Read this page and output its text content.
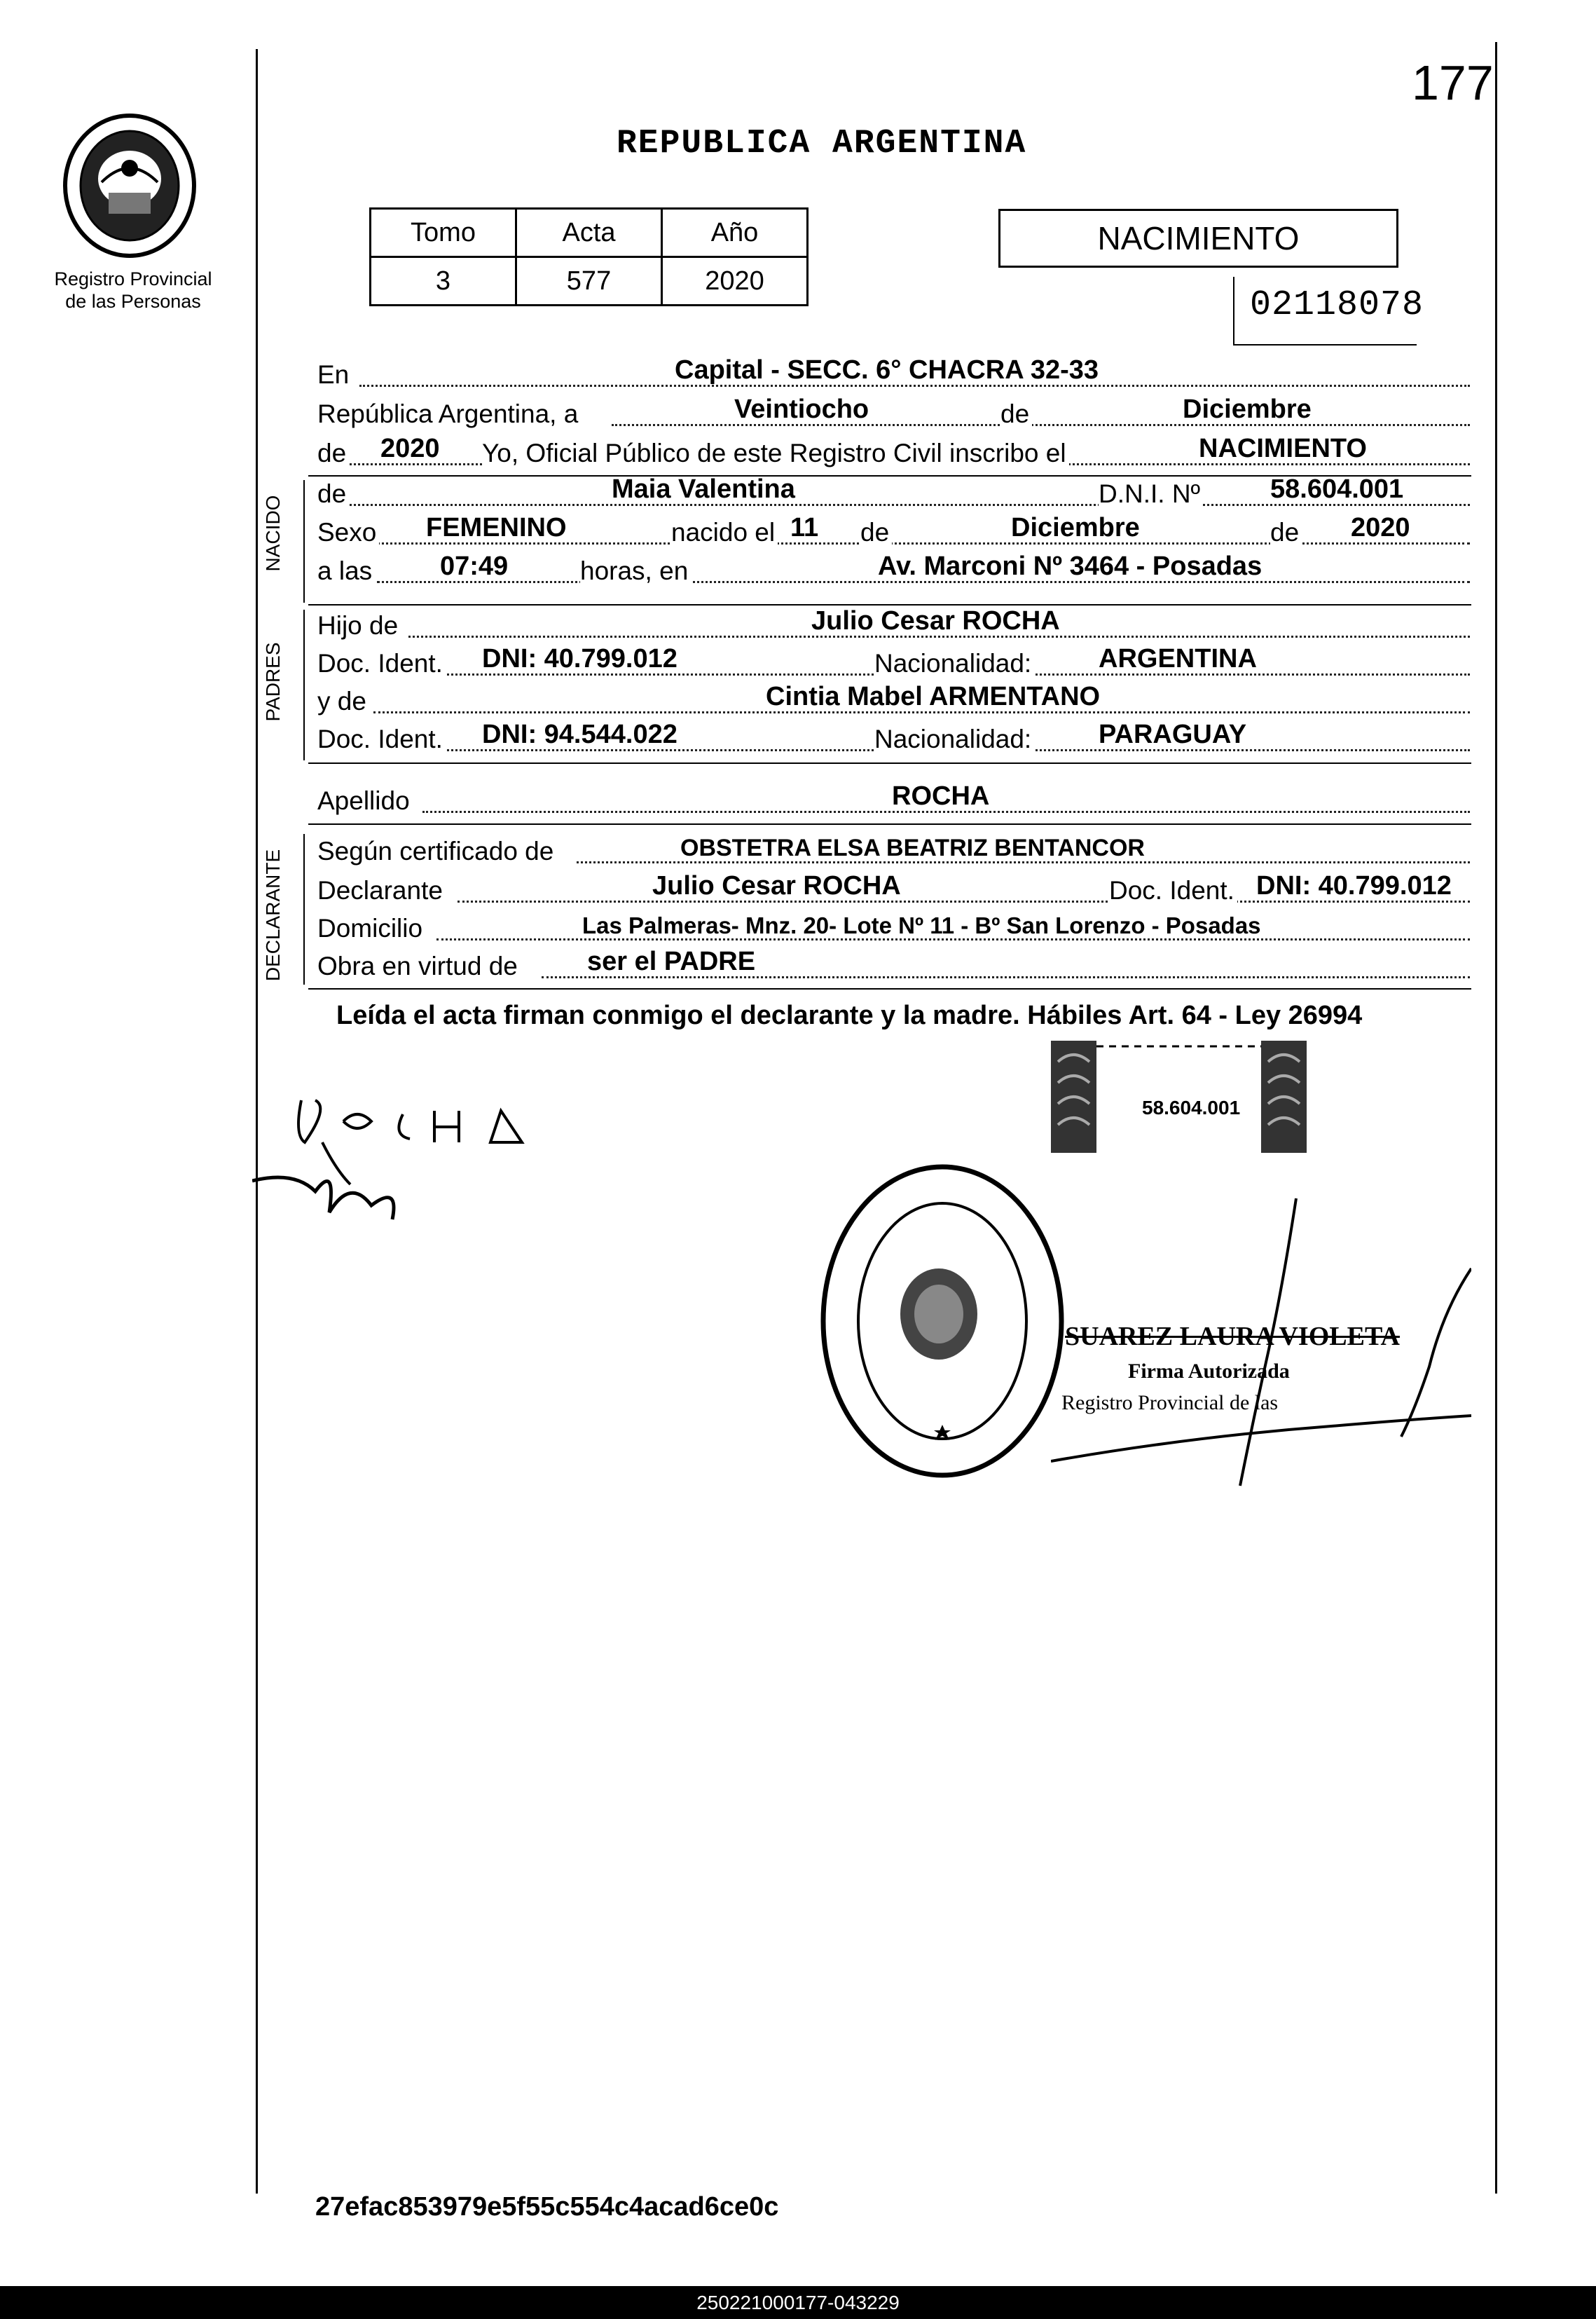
177
Registro Provincial
de las Personas
REPUBLICA ARGENTINA
Tomo	Acta	Año
3	577	2020
NACIMIENTO
02118078
En	Capital - SECC. 6° CHACRA 32-33
República Argentina, a	Veintiocho	de	Diciembre
de 2020 Yo, Oficial Público de este Registro Civil inscribo el	NACIMIENTO
NACIDO
de	Maia Valentina	D.N.I. Nº	58.604.001
Sexo FEMENINO	nacido el 11 de	Diciembre	de 2020
a las	07:49	horas, en	Av. Marconi Nº 3464 - Posadas
PADRES
Hijo de	Julio Cesar ROCHA
Doc. Ident. DNI: 40.799.012	Nacionalidad:	ARGENTINA
y de	Cintia Mabel ARMENTANO
Doc. Ident. DNI: 94.544.022	Nacionalidad:	PARAGUAY
Apellido	ROCHA
DECLARANTE Según certificado de	OBSTETRA ELSA BEATRIZ BENTANCOR
Declarante	Julio Cesar ROCHA	Doc. Ident. DNI: 40.799.012
Domicilio	Las Palmeras- Mnz. 20- Lote Nº 11 - Bº San Lorenzo - Posadas
Obra en virtud de	ser el PADRE
Leída el acta firman conmigo el declarante y la madre. Hábiles Art. 64 - Ley 26994
58.604.001
SUAREZ LAURA VIOLETA
Firma Autorizada
Registro Provincial de las
27efac853979e5f55c554c4acad6ce0c
250221000177-043229
